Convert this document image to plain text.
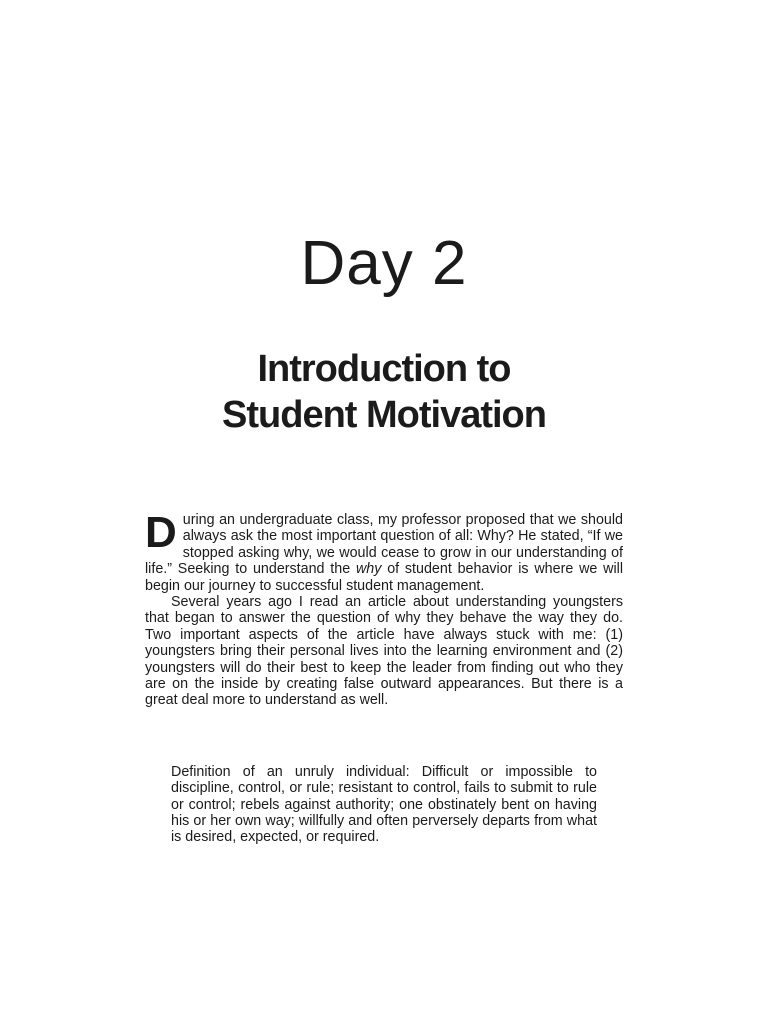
Day 2
Introduction to
Student Motivation

During an undergraduate class, my professor proposed that we should always ask the most important question of all: Why? He stated, “If we stopped asking why, we would cease to grow in our understanding of life.” Seeking to understand the why of student behavior is where we will begin our journey to successful student management.

Several years ago I read an article about understanding youngsters that began to answer the question of why they behave the way they do. Two important aspects of the article have always stuck with me: (1) youngsters bring their personal lives into the learning environment and (2) youngsters will do their best to keep the leader from finding out who they are on the inside by creating false outward appearances. But there is a great deal more to understand as well.

Definition of an unruly individual: Difficult or impossible to discipline, control, or rule; resistant to control, fails to submit to rule or control; rebels against authority; one obstinately bent on having his or her own way; willfully and often perversely departs from what is desired, expected, or required.
